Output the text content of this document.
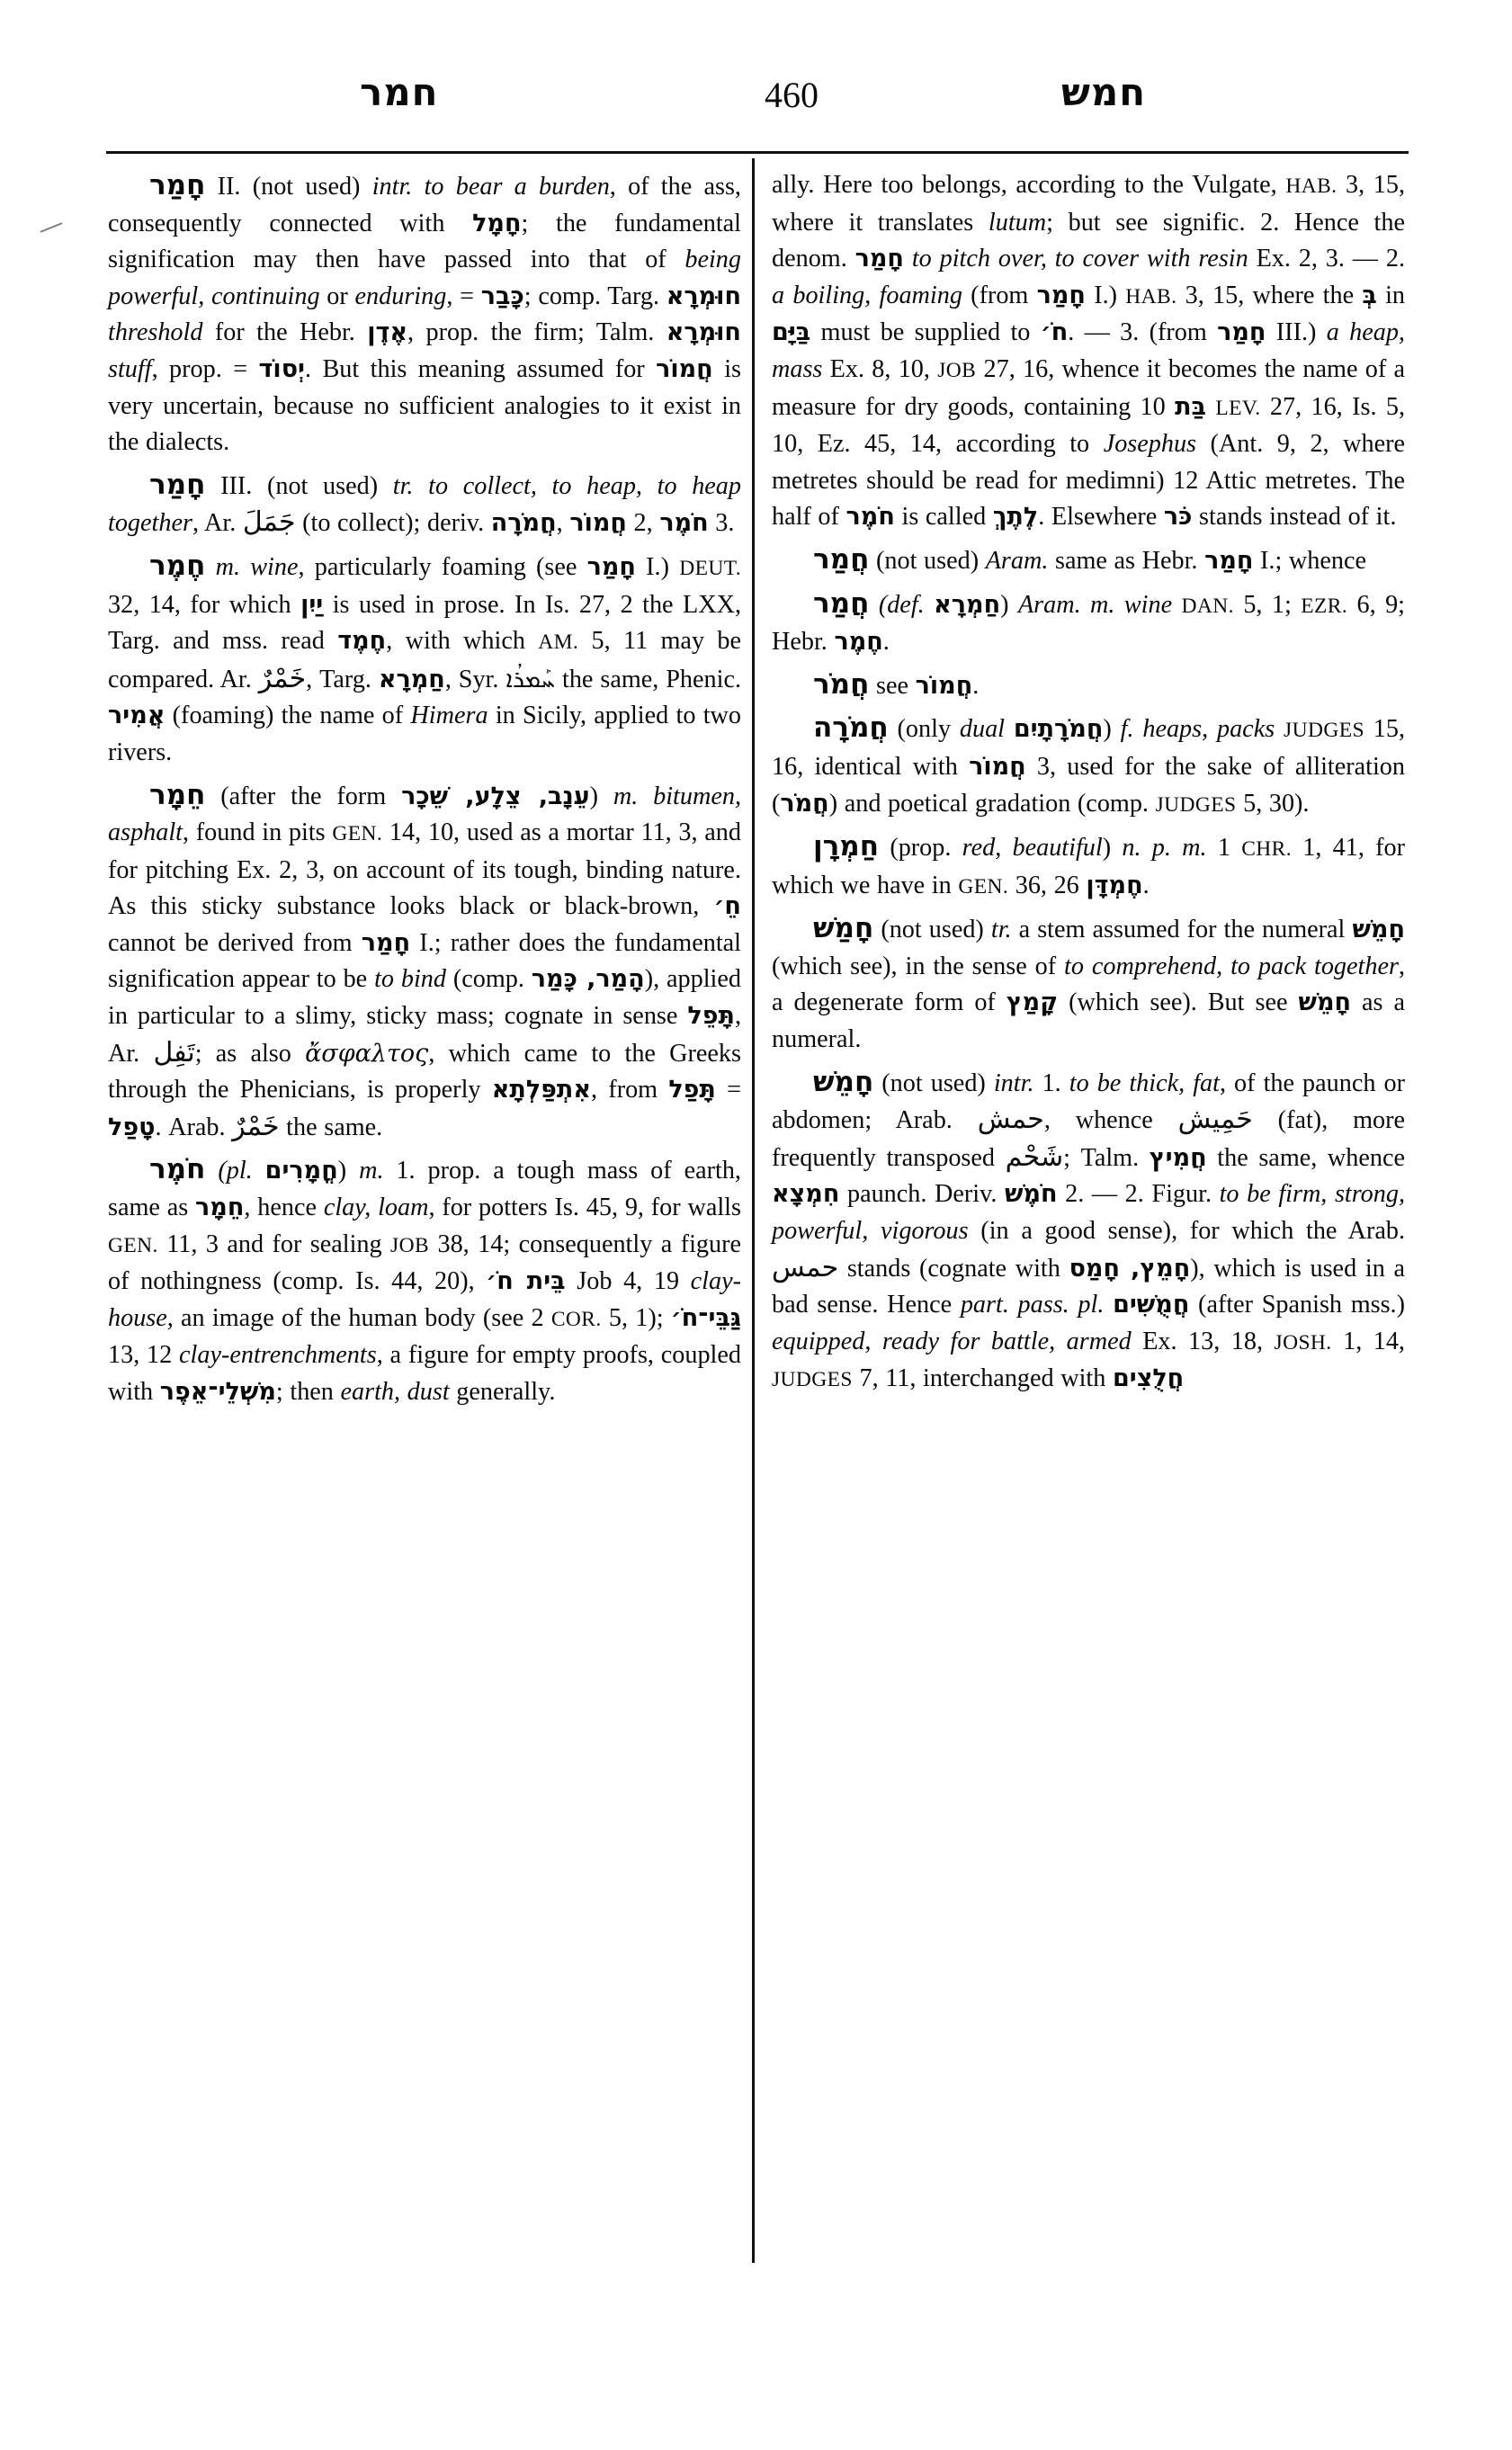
חמר	460	חמש
חָמַר II. (not used) intr. to bear a burden, of the ass, consequently connected with חָמָל; the fundamental signification may then have passed into that of being powerful, continuing or enduring, = כָּבַר; comp. Targ. חוּמְרָא threshold for the Hebr. אֶדֶן, prop. the firm; Talm. חוּמְרָא stuff, prop. = יְסוֹד. But this meaning assumed for חֲמוֹר is very uncertain, because no sufficient analogies to it exist in the dialects.
חָמַר III. (not used) tr. to collect, to heap, to heap together, Ar. جَمَلَ (to collect); deriv. חֲמֹרָה, חֲמוֹר 2, חֹמֶר 3.
חֶמֶר m. wine, particularly foaming (see חָמַר I.) DEUT. 32, 14, for which יַיִן is used in prose. In Is. 27, 2 the LXX, Targ. and mss. read חֶמֶד, with which AM. 5, 11 may be compared. Ar. خَمْرٌ, Targ. חַמְרָא, Syr. ܚܰܡܪܳܐ the same, Phenic. אֲמִיר (foaming) the name of Himera in Sicily, applied to two rivers.
חֵמָר (after the form עֵנָב, צֵלָע, שֵׁכָר) m. bitumen, asphalt, found in pits GEN. 14, 10, used as a mortar 11, 3, and for pitching Ex. 2, 3, on account of its tough, binding nature. As this sticky substance looks black or black-brown, חֵ׳ cannot be derived from חָמַר I.; rather does the fundamental signification appear to be to bind (comp. הָמַר, כָּמַר), applied in particular to a slimy, sticky mass; cognate in sense תָּפֵל, Ar. تَفِل; as also ἄσφαλτος, which came to the Greeks through the Phenicians, is properly אִתְפַּלְתָא, from תָּפַל = טָפַל. Arab. خَمْرٌ the same.
חֹמֶר (pl. חֳמָרִים) m. 1. prop. a tough mass of earth, same as חֵמָר, hence clay, loam, for potters Is. 45, 9, for walls GEN. 11, 3 and for sealing JOB 38, 14; consequently a figure of nothingness (comp. Is. 44, 20), בֵּית חֹ׳ Job 4, 19 clay-house, an image of the human body (see 2 COR. 5, 1); גַּבֵּי־חֹ׳ 13, 12 clay-entrenchments, a figure for empty proofs, coupled with מִשְׁלֵי־אֵפֶר; then earth, dust generally.
ally. Here too belongs, according to the Vulgate, HAB. 3, 15, where it translates lutum; but see signific. 2. Hence the denom. חָמַר to pitch over, to cover with resin Ex. 2, 3. — 2. a boiling, foaming (from חָמַר I.) HAB. 3, 15, where the בְּ in בַּיָּם must be supplied to חֹ׳. — 3. (from חָמַר III.) a heap, mass Ex. 8, 10, JOB 27, 16, whence it becomes the name of a measure for dry goods, containing 10 בַּת LEV. 27, 16, Is. 5, 10, Ez. 45, 14, according to Josephus (Ant. 9, 2, where metretes should be read for medimni) 12 Attic metretes. The half of חֹמֶר is called לֶתֶךְ. Elsewhere כֹּר stands instead of it.
חֲמַר (not used) Aram. same as Hebr. חָמַר I.; whence
חֲמַר (def. חַמְרָא) Aram. m. wine DAN. 5, 1; EZR. 6, 9; Hebr. חֶמֶר.
חֲמֹר see חֲמוֹר.
חֲמֹרָה (only dual חֲמֹרָתָיִם) f. heaps, packs JUDGES 15, 16, identical with חֲמוֹר 3, used for the sake of alliteration (חֲמֹר) and poetical gradation (comp. JUDGES 5, 30).
חַמְרָן (prop. red, beautiful) n. p. m. 1 CHR. 1, 41, for which we have in GEN. 36, 26 חֶמְדָּן.
חָמַשׁ (not used) tr. a stem assumed for the numeral חָמֵשׁ (which see), in the sense of to comprehend, to pack together, a degenerate form of קָמַץ (which see). But see חָמֵשׁ as a numeral.
חָמֵשׁ (not used) intr. 1. to be thick, fat, of the paunch or abdomen; Arab. حمش, whence حَمِيش (fat), more frequently transposed شَحْم; Talm. חֲמִיץ the same, whence חִמְצָא paunch. Deriv. חֹמֶשׁ 2. — 2. Figur. to be firm, strong, powerful, vigorous (in a good sense), for which the Arab. حمس stands (cognate with חָמֵץ, חָמַס), which is used in a bad sense. Hence part. pass. pl. חֲמֻשִׁים (after Spanish mss.) equipped, ready for battle, armed Ex. 13, 18, JOSH. 1, 14, JUDGES 7, 11, interchanged with חֲלֻצִים
